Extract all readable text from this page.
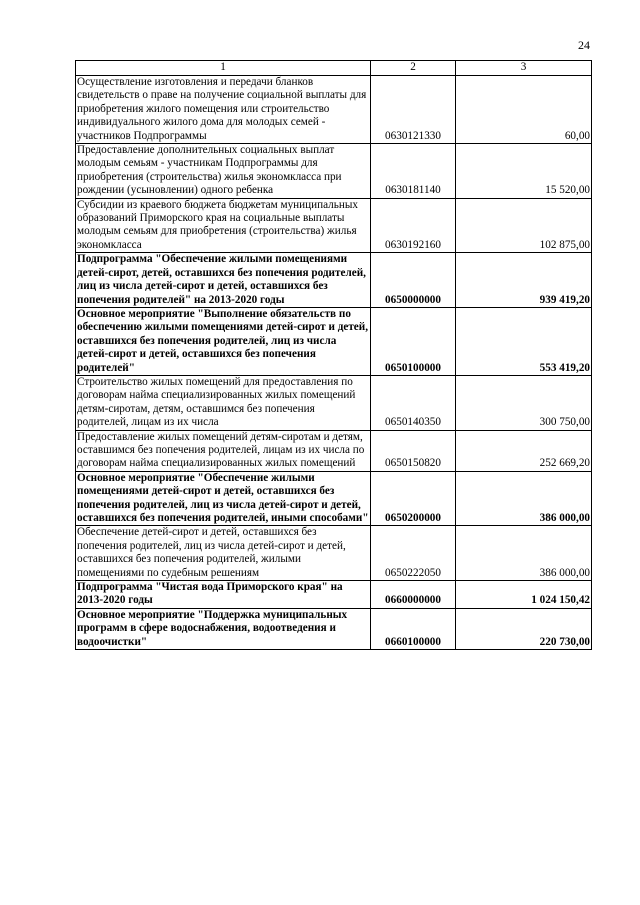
24
1	2	3
Осуществление изготовления и передачи бланков свидетельств о праве на получение социальной выплаты для приобретения жилого помещения или строительство индивидуального жилого дома для молодых семей - участников Подпрограммы	0630121330	60,00
Предоставление дополнительных социальных выплат молодым семьям - участникам Подпрограммы для приобретения (строительства) жилья экономкласса при рождении (усыновлении) одного ребенка	0630181140	15 520,00
Субсидии из краевого бюджета бюджетам муниципальных образований Приморского края на социальные выплаты молодым семьям для приобретения (строительства) жилья экономкласса	0630192160	102 875,00
Подпрограмма "Обеспечение жилыми помещениями детей-сирот, детей, оставшихся без попечения родителей, лиц из числа детей-сирот и детей, оставшихся без попечения родителей" на 2013-2020 годы	0650000000	939 419,20
Основное мероприятие "Выполнение обязательств по обеспечению жилыми помещениями детей-сирот и детей, оставшихся без попечения родителей, лиц из числа детей-сирот и детей, оставшихся без попечения родителей"	0650100000	553 419,20
Строительство жилых помещений для предоставления по договорам найма специализированных жилых помещений детям-сиротам, детям, оставшимся без попечения родителей, лицам из их числа	0650140350	300 750,00
Предоставление жилых помещений детям-сиротам и детям, оставшимся без попечения родителей, лицам из их числа по договорам найма специализированных жилых помещений	0650150820	252 669,20
Основное мероприятие "Обеспечение жилыми помещениями детей-сирот и детей, оставшихся без попечения родителей, лиц из числа детей-сирот и детей, оставшихся без попечения родителей, иными способами"	0650200000	386 000,00
Обеспечение детей-сирот и детей, оставшихся без попечения родителей, лиц из числа детей-сирот и детей, оставшихся без попечения родителей, жилыми помещениями по судебным решениям	0650222050	386 000,00
Подпрограмма "Чистая вода Приморского края" на 2013-2020 годы	0660000000	1 024 150,42
Основное мероприятие "Поддержка муниципальных программ в сфере водоснабжения, водоотведения и водоочистки"	0660100000	220 730,00
